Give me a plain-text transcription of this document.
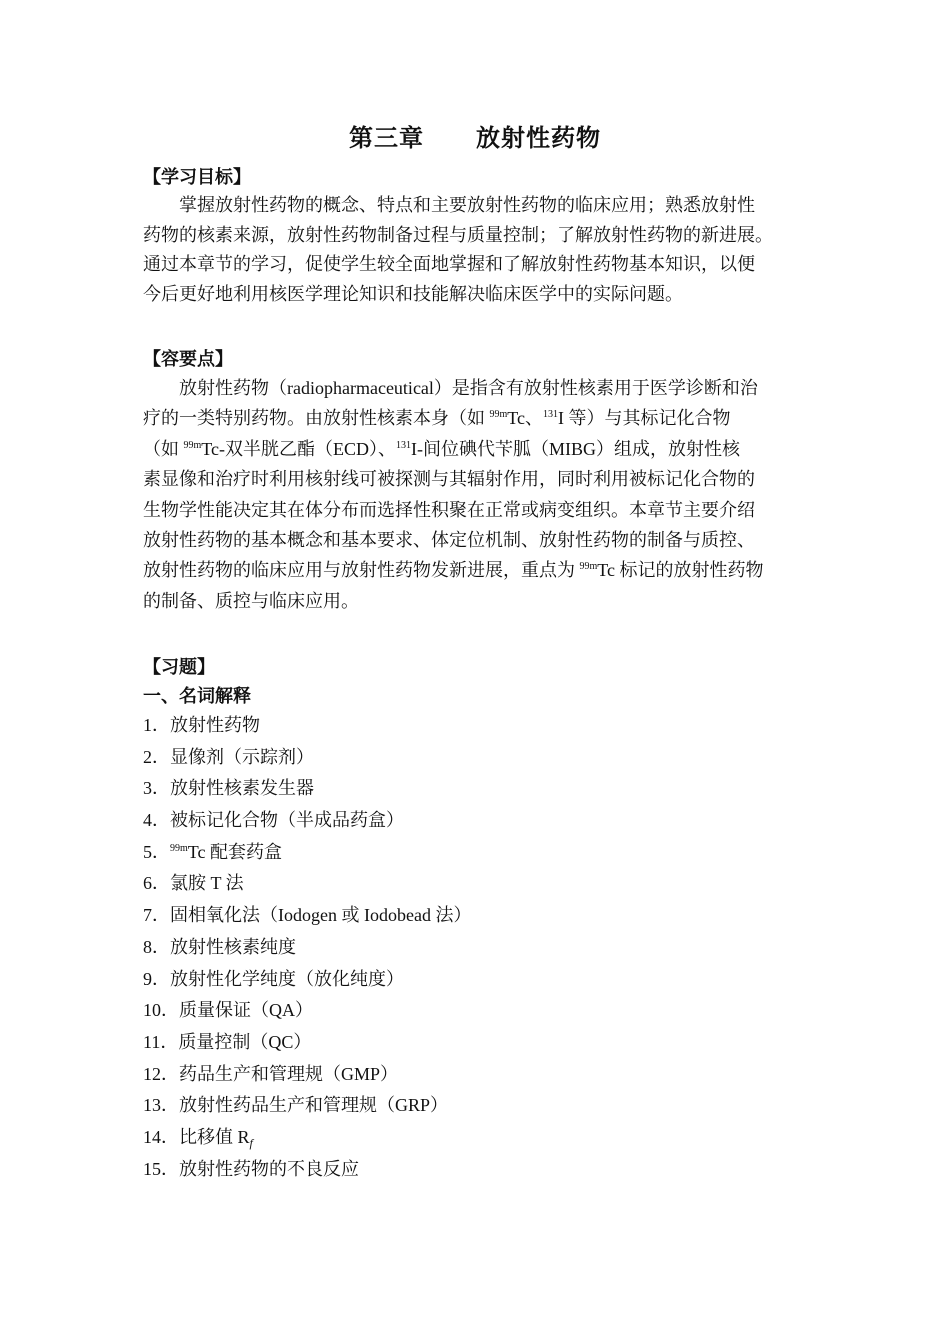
第三章 放射性药物
【学习目标】
掌握放射性药物的概念、特点和主要放射性药物的临床应用；熟悉放射性
药物的核素来源，放射性药物制备过程与质量控制；了解放射性药物的新进展。
通过本章节的学习，促使学生较全面地掌握和了解放射性药物基本知识，以便
今后更好地利用核医学理论知识和技能解决临床医学中的实际问题。
【容要点】
放射性药物（radiopharmaceutical）是指含有放射性核素用于医学诊断和治
疗的一类特别药物。由放射性核素本身（如 $^{99m}$Tc、$^{131}$I 等）与其标记化合物
（如 $^{99m}$Tc-双半胱乙酯（ECD）、$^{131}$I-间位碘代苄胍（MIBG）组成，放射性核
素显像和治疗时利用核射线可被探测与其辐射作用，同时利用被标记化合物的
生物学性能决定其在体分布而选择性积聚在正常或病变组织。本章节主要介绍
放射性药物的基本概念和基本要求、体定位机制、放射性药物的制备与质控、
放射性药物的临床应用与放射性药物发新进展，重点为 $^{99m}$Tc 标记的放射性药物
的制备、质控与临床应用。
【习题】
一、名词解释
1．放射性药物
2．显像剂（示踪剂）
3．放射性核素发生器
4．被标记化合物（半成品药盒）
5．$^{99m}$Tc 配套药盒
6．氯胺 T 法
7．固相氧化法（Iodogen 或 Iodobead 法）
8．放射性核素纯度
9．放射性化学纯度（放化纯度）
10．质量保证（QA）
11．质量控制（QC）
12．药品生产和管理规（GMP）
13．放射性药品生产和管理规（GRP）
14．比移值 $R_f$
15．放射性药物的不良反应
